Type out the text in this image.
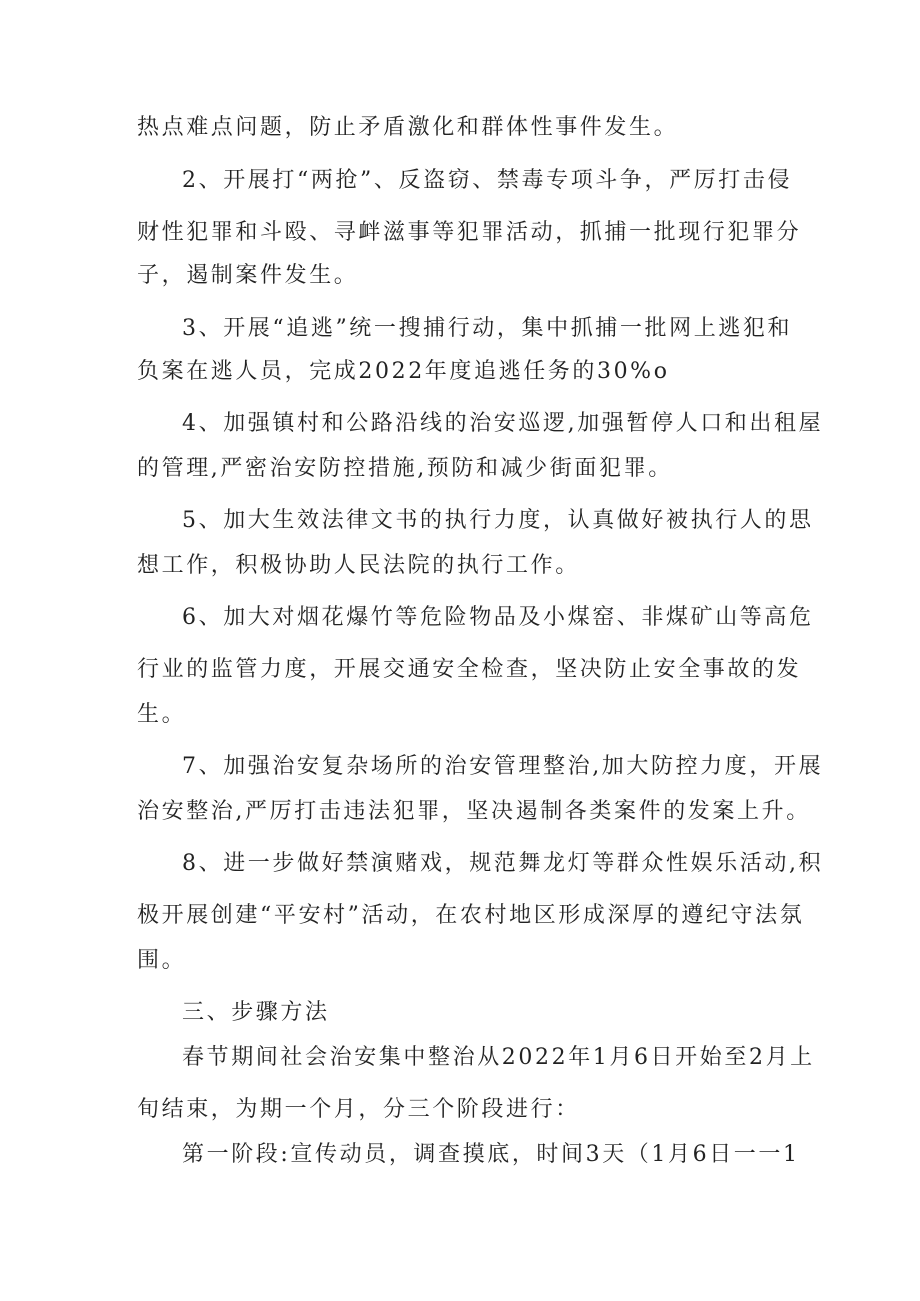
热点难点问题，防止矛盾激化和群体性事件发生。
2、开展打“两抢”、反盗窃、禁毒专项斗争，严厉打击侵
财性犯罪和斗殴、寻衅滋事等犯罪活动，抓捕一批现行犯罪分
子，遏制案件发生。
3、开展“追逃”统一搜捕行动，集中抓捕一批网上逃犯和
负案在逃人员，完成2022年度追逃任务的30%o
4、加强镇村和公路沿线的治安巡逻,加强暂停人口和出租屋
的管理,严密治安防控措施,预防和减少街面犯罪。
5、加大生效法律文书的执行力度，认真做好被执行人的思
想工作，积极协助人民法院的执行工作。
6、加大对烟花爆竹等危险物品及小煤窑、非煤矿山等高危
行业的监管力度，开展交通安全检查，坚决防止安全事故的发
生。
7、加强治安复杂场所的治安管理整治,加大防控力度，开展
治安整治,严厉打击违法犯罪，坚决遏制各类案件的发案上升。
8、进一步做好禁演赌戏，规范舞龙灯等群众性娱乐活动,积
极开展创建“平安村”活动，在农村地区形成深厚的遵纪守法氛
围。
三、步骤方法
春节期间社会治安集中整治从2022年1月6日开始至2月上
旬结束，为期一个月，分三个阶段进行：
第一阶段:宣传动员，调查摸底，时间3天（1月6日一一1
